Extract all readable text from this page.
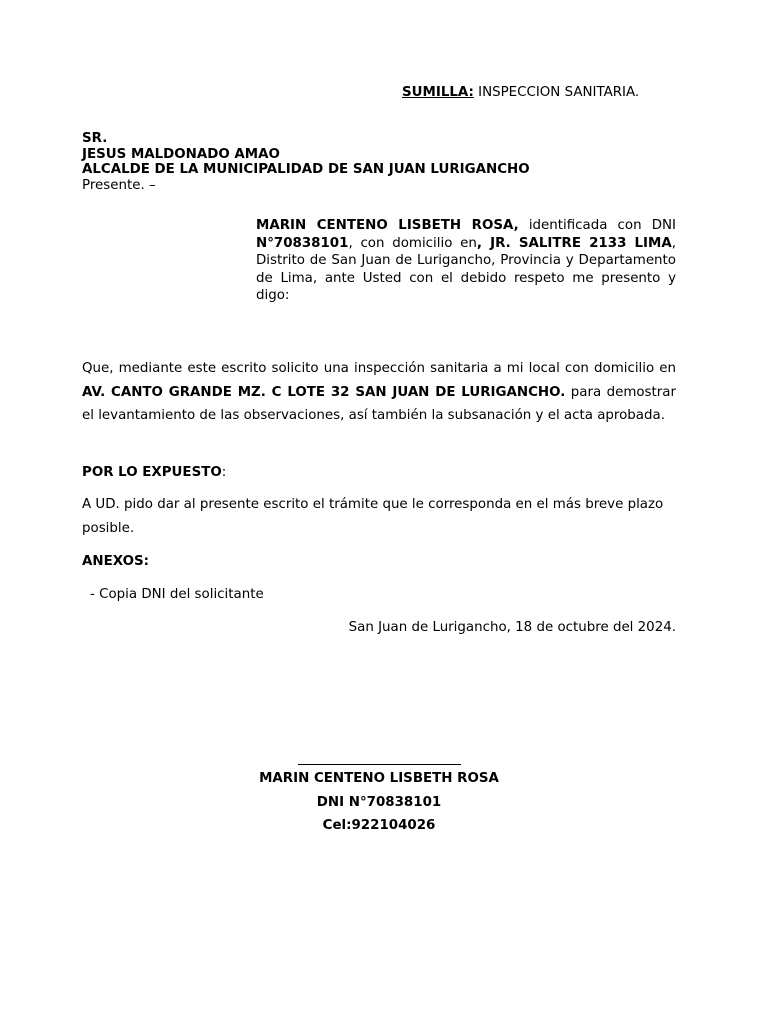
SUMILLA: INSPECCION SANITARIA.
SR.
JESUS MALDONADO AMAO
ALCALDE DE LA MUNICIPALIDAD DE SAN JUAN LURIGANCHO
Presente. –
MARIN CENTENO LISBETH ROSA, identificada con DNI N°70838101, con domicilio en, JR. SALITRE 2133 LIMA, Distrito de San Juan de Lurigancho, Provincia y Departamento de Lima, ante Usted con el debido respeto me presento y digo:
Que, mediante este escrito solicito una inspección sanitaria a mi local con domicilio en AV. CANTO GRANDE MZ. C LOTE 32 SAN JUAN DE LURIGANCHO. para demostrar el levantamiento de las observaciones, así también la subsanación y el acta aprobada.
POR LO EXPUESTO:
A UD. pido dar al presente escrito el trámite que le corresponda en el más breve plazo posible.
ANEXOS:
- Copia DNI del solicitante
San Juan de Lurigancho, 18 de octubre del 2024.
MARIN CENTENO LISBETH ROSA
DNI N°70838101
Cel:922104026
